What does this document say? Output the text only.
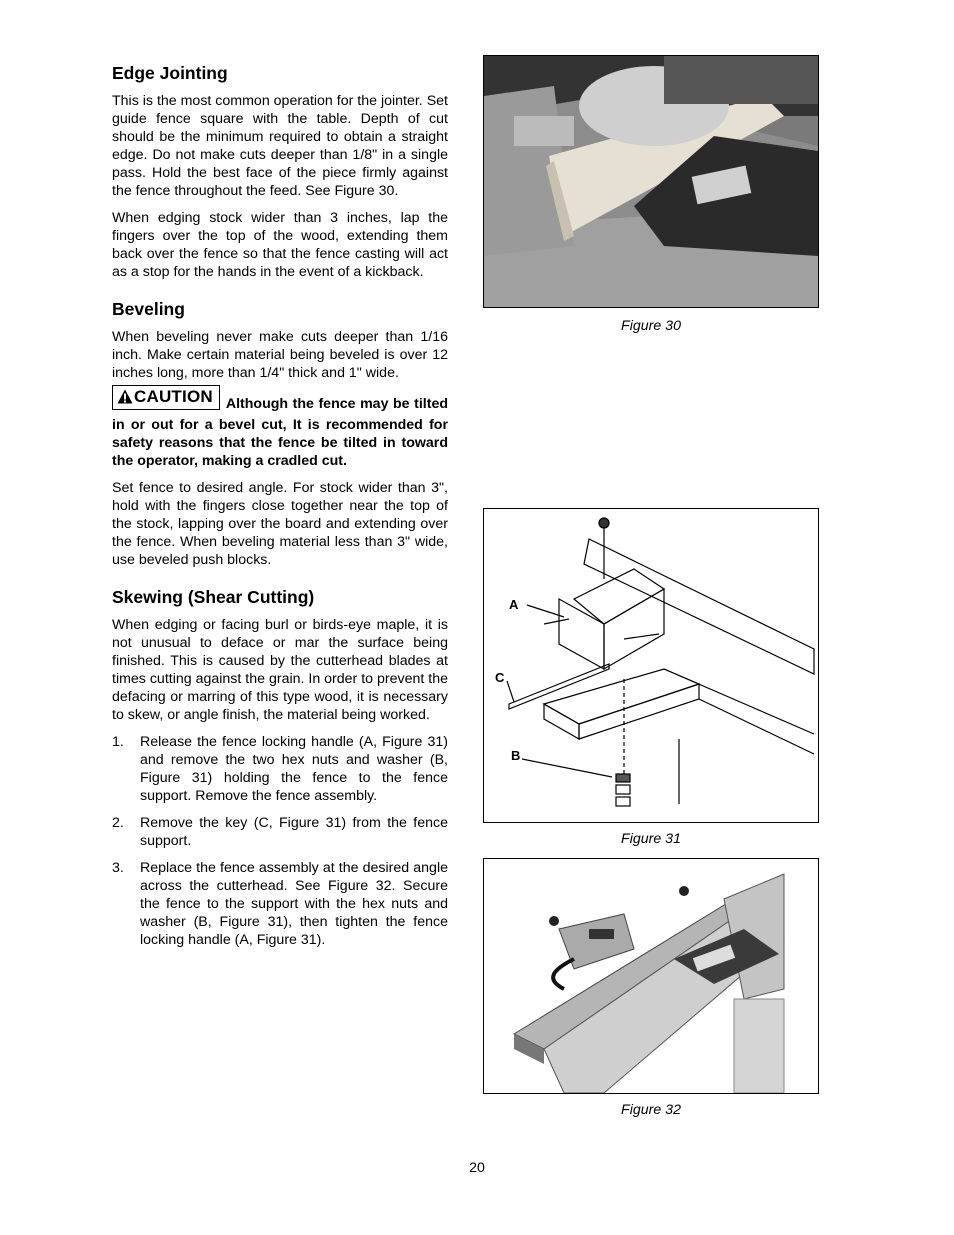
Edge Jointing

This is the most common operation for the jointer. Set guide fence square with the table. Depth of cut should be the minimum required to obtain a straight edge. Do not make cuts deeper than 1/8" in a single pass. Hold the best face of the piece firmly against the fence throughout the feed. See Figure 30.

When edging stock wider than 3 inches, lap the fingers over the top of the wood, extending them back over the fence so that the fence casting will act as a stop for the hands in the event of a kickback.

Beveling

When beveling never make cuts deeper than 1/16 inch. Make certain material being beveled is over 12 inches long, more than 1/4" thick and 1" wide.

CAUTION Although the fence may be tilted in or out for a bevel cut, It is recommended for safety reasons that the fence be tilted in toward the operator, making a cradled cut.

Set fence to desired angle. For stock wider than 3", hold with the fingers close together near the top of the stock, lapping over the board and extending over the fence. When beveling material less than 3" wide, use beveled push blocks.

Skewing (Shear Cutting)

When edging or facing burl or birds-eye maple, it is not unusual to deface or mar the surface being finished. This is caused by the cutterhead blades at times cutting against the grain. In order to prevent the defacing or marring of this type wood, it is necessary to skew, or angle finish, the material being worked.

1. Release the fence locking handle (A, Figure 31) and remove the two hex nuts and washer (B, Figure 31) holding the fence to the fence support. Remove the fence assembly.
2. Remove the key (C, Figure 31) from the fence support.
3. Replace the fence assembly at the desired angle across the cutterhead. See Figure 32. Secure the fence to the support with the hex nuts and washer (B, Figure 31), then tighten the fence locking handle (A, Figure 31).
Figure 30
A
C
B
Figure 31
Figure 32
20
